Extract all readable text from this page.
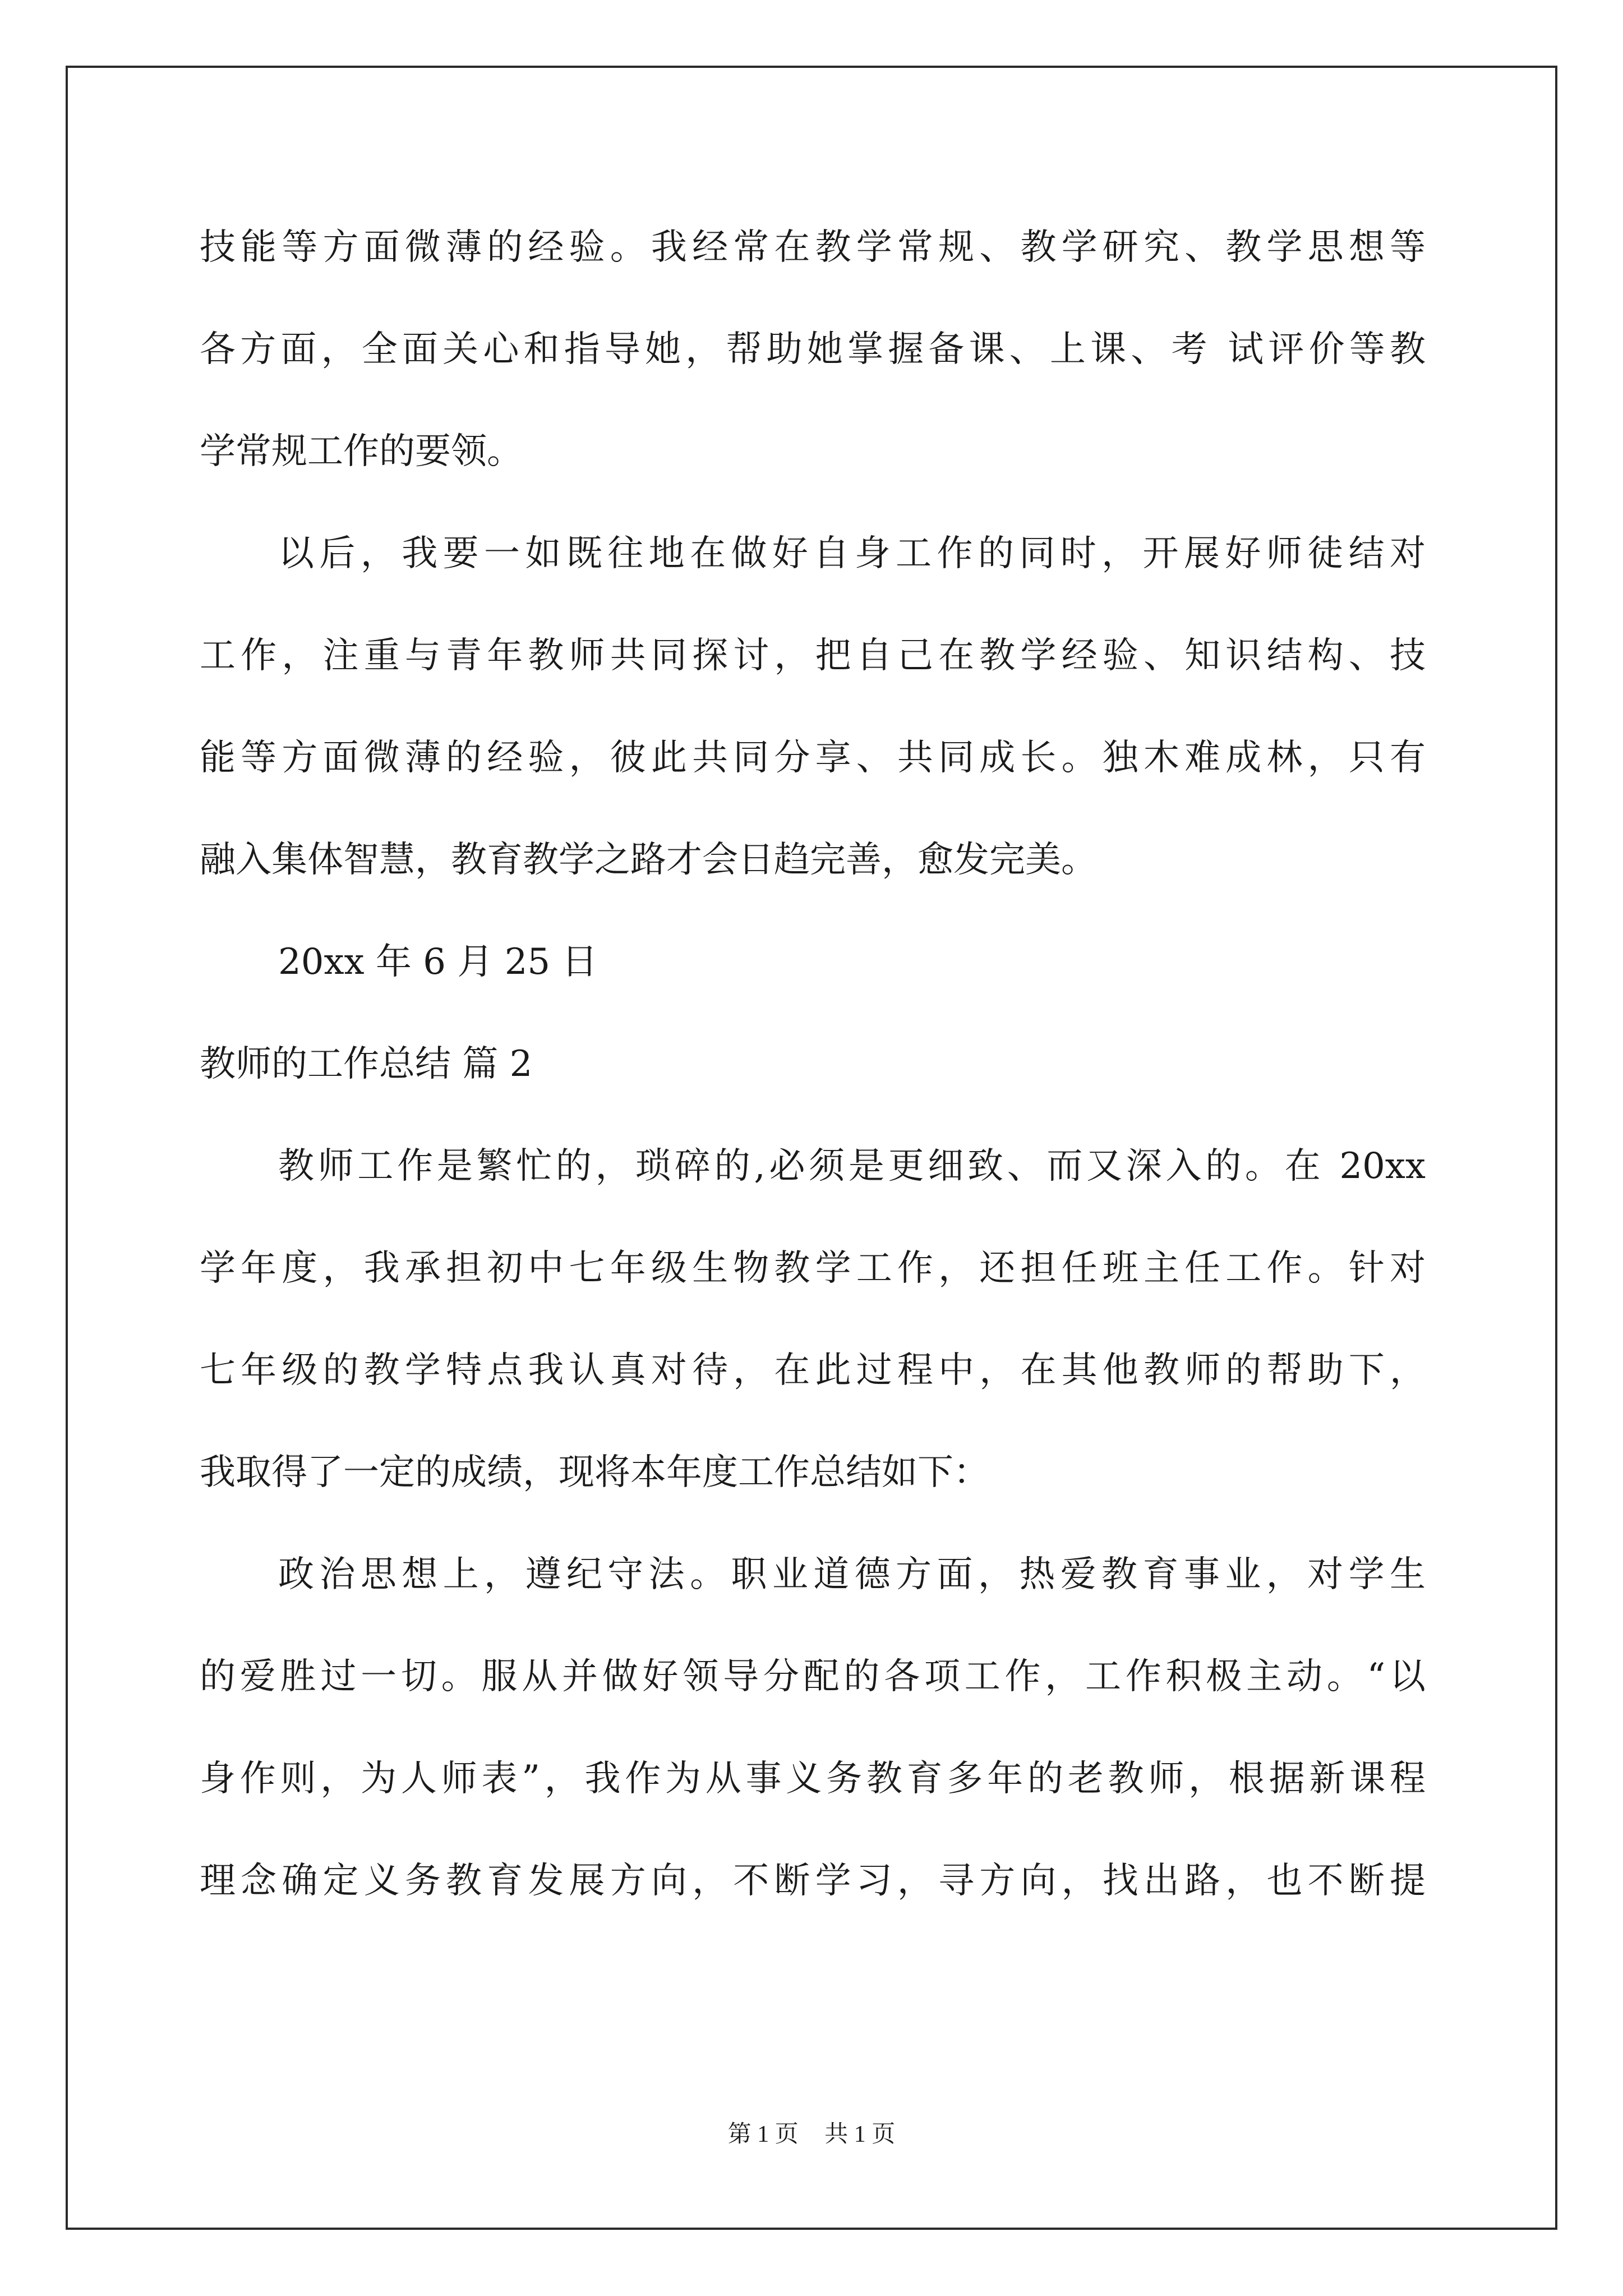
技能等方面微薄的经验。我经常在教学常规、教学研究、教学思想等
各方面，全面关心和指导她，帮助她掌握备课、上课、考 试评价等教
学常规工作的要领。
以后，我要一如既往地在做好自身工作的同时，开展好师徒结对
工作，注重与青年教师共同探讨，把自己在教学经验、知识结构、技
能等方面微薄的经验，彼此共同分享、共同成长。独木难成林，只有
融入集体智慧，教育教学之路才会日趋完善，愈发完美。
20xx 年 6 月 25 日
教师的工作总结 篇 2
教师工作是繁忙的，琐碎的,必须是更细致、而又深入的。在 20xx
学年度，我承担初中七年级生物教学工作，还担任班主任工作。针对
七年级的教学特点我认真对待，在此过程中，在其他教师的帮助下，
我取得了一定的成绩，现将本年度工作总结如下：
政治思想上，遵纪守法。职业道德方面，热爱教育事业，对学生
的爱胜过一切。服从并做好领导分配的各项工作，工作积极主动。“以
身作则，为人师表”，我作为从事义务教育多年的老教师，根据新课程
理念确定义务教育发展方向，不断学习，寻方向，找出路，也不断提
第 1 页 共 1 页
